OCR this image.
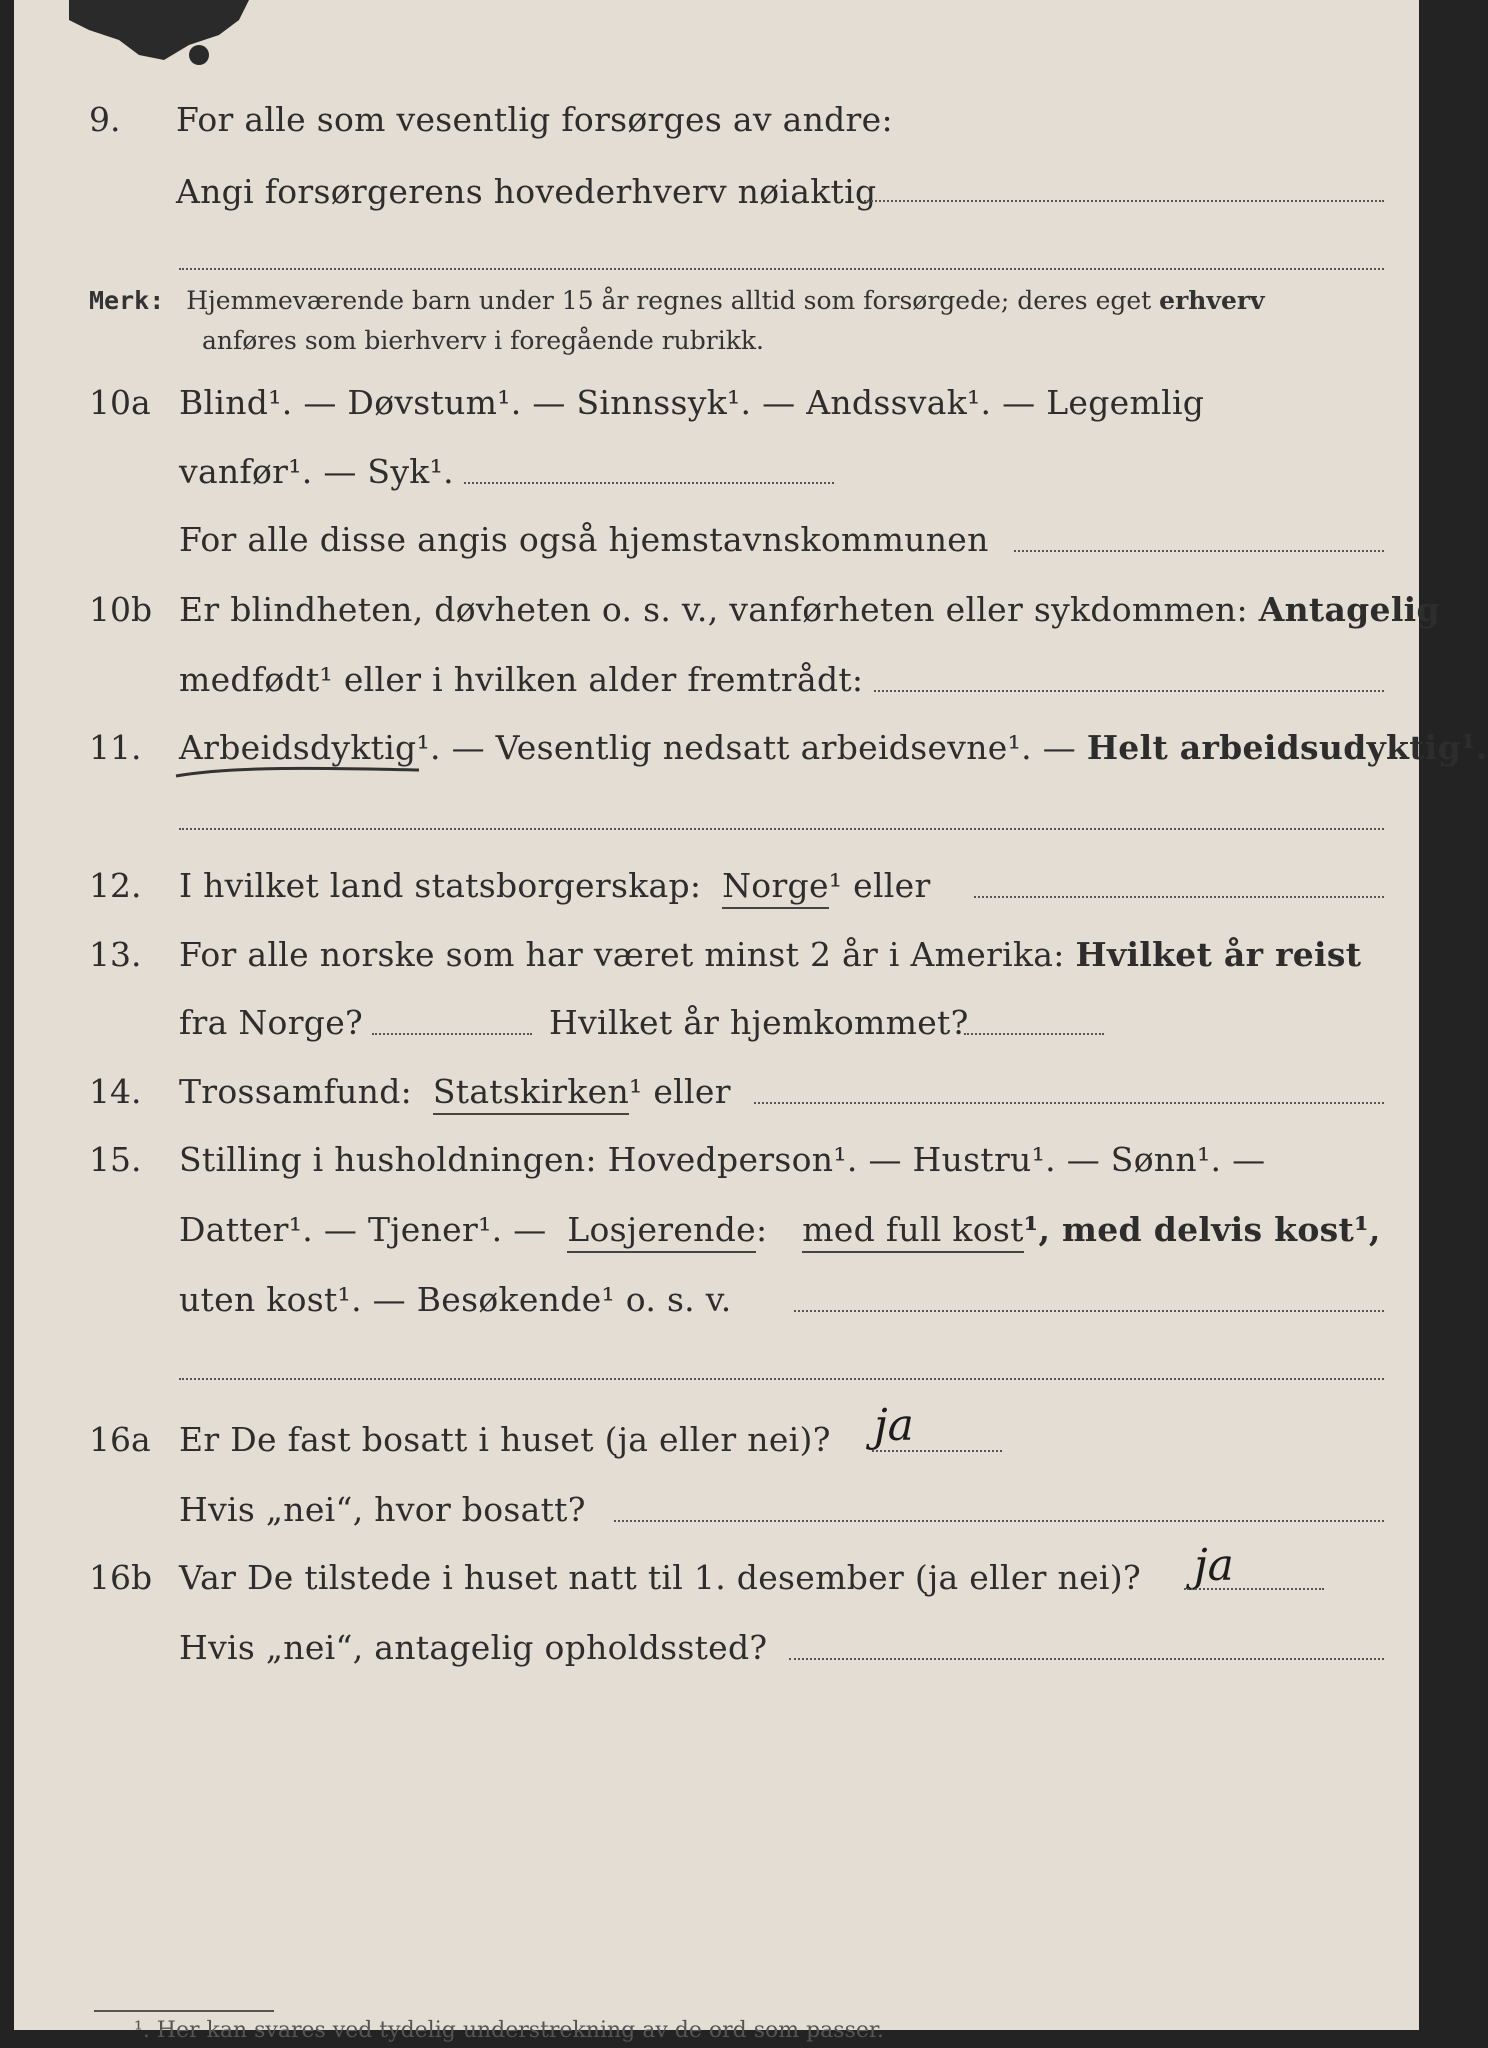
9. For alle som vesentlig forsørges av andre:
Angi forsørgerens hovederhverv nøiaktig
Merk: Hjemmeværende barn under 15 år regnes alltid som forsørgede; deres eget erhverv
anføres som bierhverv i foregående rubrikk.
10a Blind¹. — Døvstum¹. — Sinnssyk¹. — Andssvak¹. — Legemlig
vanfør¹. — Syk¹.
For alle disse angis også hjemstavnskommunen
10b Er blindheten, døvheten o. s. v., vanførheten eller sykdommen: Antagelig
medfødt¹ eller i hvilken alder fremtrådt:
11. Arbeidsdyktig¹. — Vesentlig nedsatt arbeidsevne¹. — Helt arbeidsudyktig¹.
12. I hvilket land statsborgerskap: Norge¹ eller
13. For alle norske som har været minst 2 år i Amerika: Hvilket år reist
fra Norge?	Hvilket år hjemkommet?
14. Trossamfund: Statskirken¹ eller
15. Stilling i husholdningen: Hovedperson¹. — Hustru¹. — Sønn¹. —
Datter¹. — Tjener¹. — Losjerende: med full kost¹, med delvis kost¹,
uten kost¹. — Besøkende¹ o. s. v.
16a Er De fast bosatt i huset (ja eller nei)? ja
Hvis „nei“, hvor bosatt?
16b Var De tilstede i huset natt til 1. desember (ja eller nei)? ja
Hvis „nei“, antagelig opholdssted?
¹. Her kan svares ved tydelig understrekning av de ord som passer.
